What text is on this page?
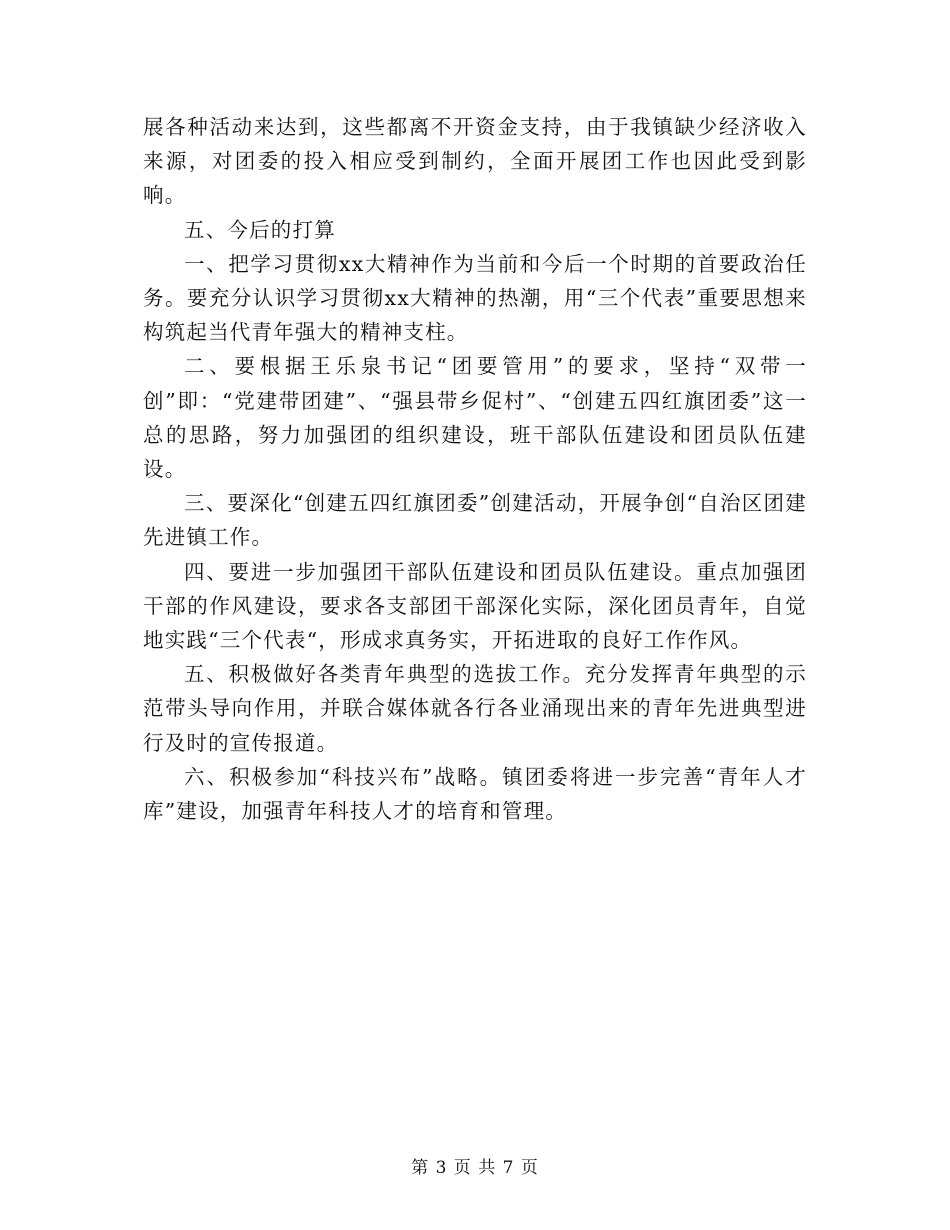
展各种活动来达到，这些都离不开资金支持，由于我镇缺少经济收入来源，对团委的投入相应受到制约，全面开展团工作也因此受到影响。

五、今后的打算

一、把学习贯彻xx大精神作为当前和今后一个时期的首要政治任务。要充分认识学习贯彻xx大精神的热潮，用“三个代表”重要思想来构筑起当代青年强大的精神支柱。

二、要根据王乐泉书记“团要管用”的要求，坚持“双带一创”即：“党建带团建”、“强县带乡促村”、“创建五四红旗团委”这一总的思路，努力加强团的组织建设，班干部队伍建设和团员队伍建设。

三、要深化“创建五四红旗团委”创建活动，开展争创“自治区团建先进镇工作。

四、要进一步加强团干部队伍建设和团员队伍建设。重点加强团干部的作风建设，要求各支部团干部深化实际，深化团员青年，自觉地实践“三个代表“，形成求真务实，开拓进取的良好工作作风。

五、积极做好各类青年典型的选拔工作。充分发挥青年典型的示范带头导向作用，并联合媒体就各行各业涌现出来的青年先进典型进行及时的宣传报道。

六、积极参加“科技兴布”战略。镇团委将进一步完善“青年人才库”建设，加强青年科技人才的培育和管理。

第 3 页 共 7 页
